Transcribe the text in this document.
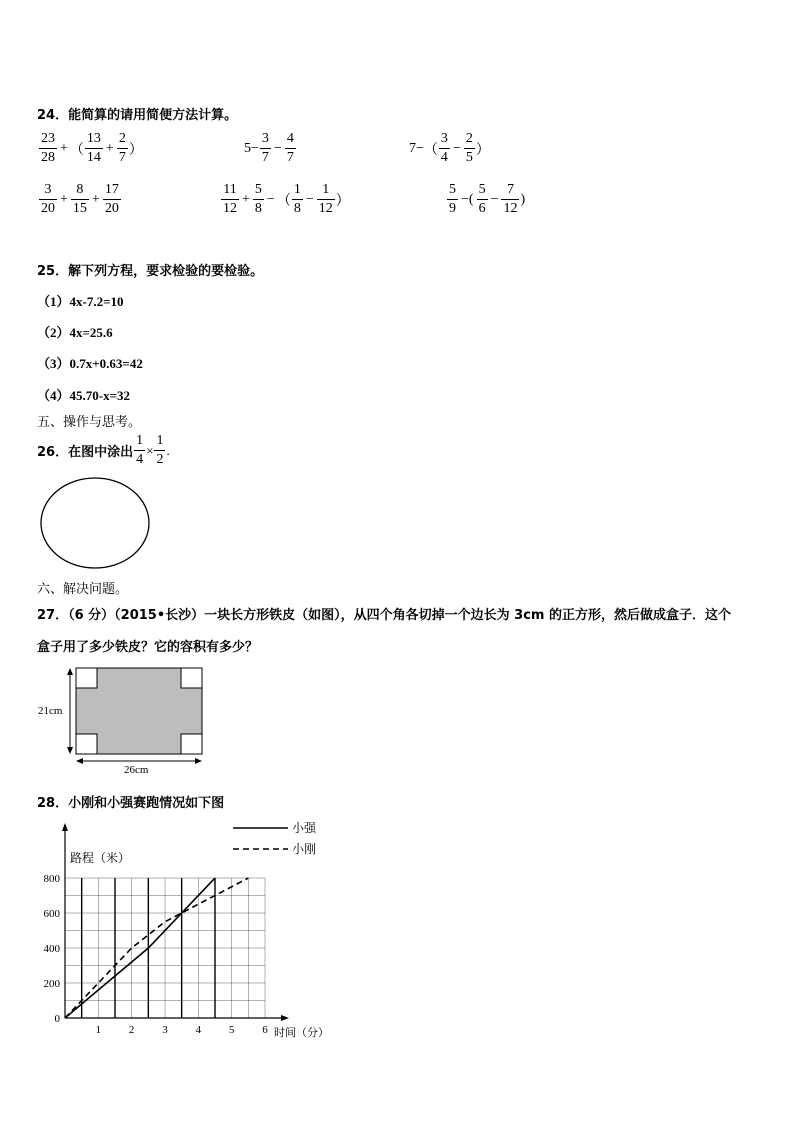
24．能简算的请用简便方法计算。
$\frac{23}{28}$ + （ $\frac{13}{14} + \frac{2}{7}$ ）	$5- \frac{3}{7} - \frac{4}{7}$	7− （ $\frac{3}{4} - \frac{2}{5}$ ）
$\frac{3}{20} + \frac{8}{15} + \frac{17}{20}$	$\frac{11}{12} + \frac{5}{8}$ − （ $\frac{1}{8} - \frac{1}{12}$ ）	$\frac{5}{9}$ −( $\frac{5}{6} - \frac{7}{12}$ )
25．解下列方程，要求检验的要检验。
（1）4x-7.2=10
（2）4x=25.6
（3）0.7x+0.63=42
（4）45.70-x=32
五、操作与思考。
26．在图中涂出 $\frac{1}{4} \times \frac{1}{2}$ .
六、解决问题。
27．（6 分）（2015•长沙）一块长方形铁皮（如图），从四个角各切掉一个边长为 3cm 的正方形，然后做成盒子．这个
盒子用了多少铁皮？它的容积有多少？
21cm
26cm
28．小刚和小强赛跑情况如下图
0
200
400
600
800
1	2	3	4	5	6
路程（米）
时间（分）
小强
小刚
